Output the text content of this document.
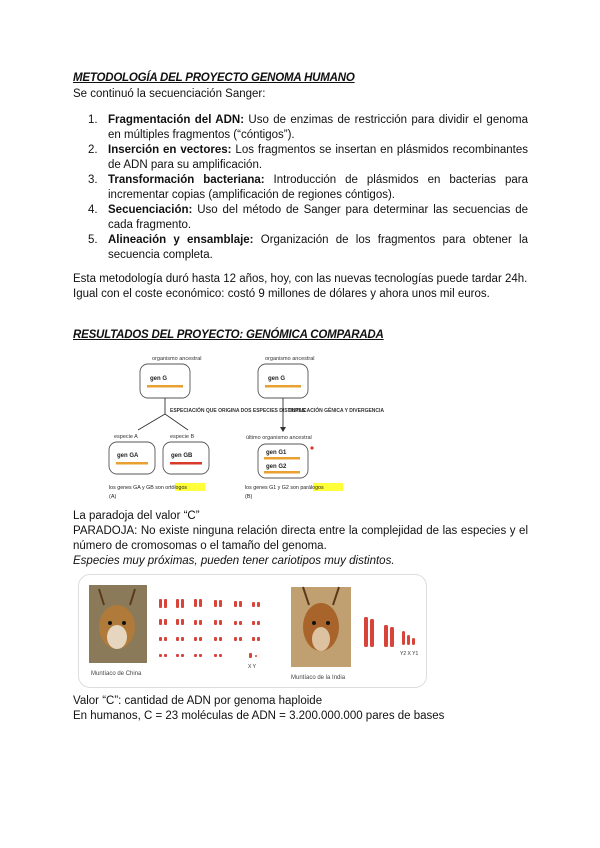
METODOLOGÍA DEL PROYECTO GENOMA HUMANO
Se continuó la secuenciación Sanger:
1. Fragmentación del ADN: Uso de enzimas de restricción para dividir el genoma en múltiples fragmentos (“cóntigos”).
2. Inserción en vectores: Los fragmentos se insertan en plásmidos recombinantes de ADN para su amplificación.
3. Transformación bacteriana: Introducción de plásmidos en bacterias para incrementar copias (amplificación de regiones cóntigos).
4. Secuenciación: Uso del método de Sanger para determinar las secuencias de cada fragmento.
5. Alineación y ensamblaje: Organización de los fragmentos para obtener la secuencia completa.
Esta metodología duró hasta 12 años, hoy, con las nuevas tecnologías puede tardar 24h.
Igual con el coste económico: costó 9 millones de dólares y ahora unos mil euros.
RESULTADOS DEL PROYECTO: GENÓMICA COMPARADA
organismo ancestral
gen G
ESPECIACIÓN QUE ORIGINA DOS ESPECIES DISTINTAS
especie A	especie B
gen GA	gen GB
los genes GA y GB son ortólogos
(A)
organismo ancestral
gen G
DUPLICACIÓN GÉNICA Y DIVERGENCIA
último organismo ancestral
gen G1
gen G2
los genes G1 y G2 son parálogos
(B)
La paradoja del valor “C”
PARADOJA: No existe ninguna relación directa entre la complejidad de las especies y el número de cromosomas o el tamaño del genoma.
Especies muy próximas, pueden tener cariotipos muy distintos.
Muntíaco de China
X Y
Muntíaco de la India
Y2 X Y1
Valor “C”: cantidad de ADN por genoma haploide
En humanos, C = 23 moléculas de ADN = 3.200.000.000 pares de bases
